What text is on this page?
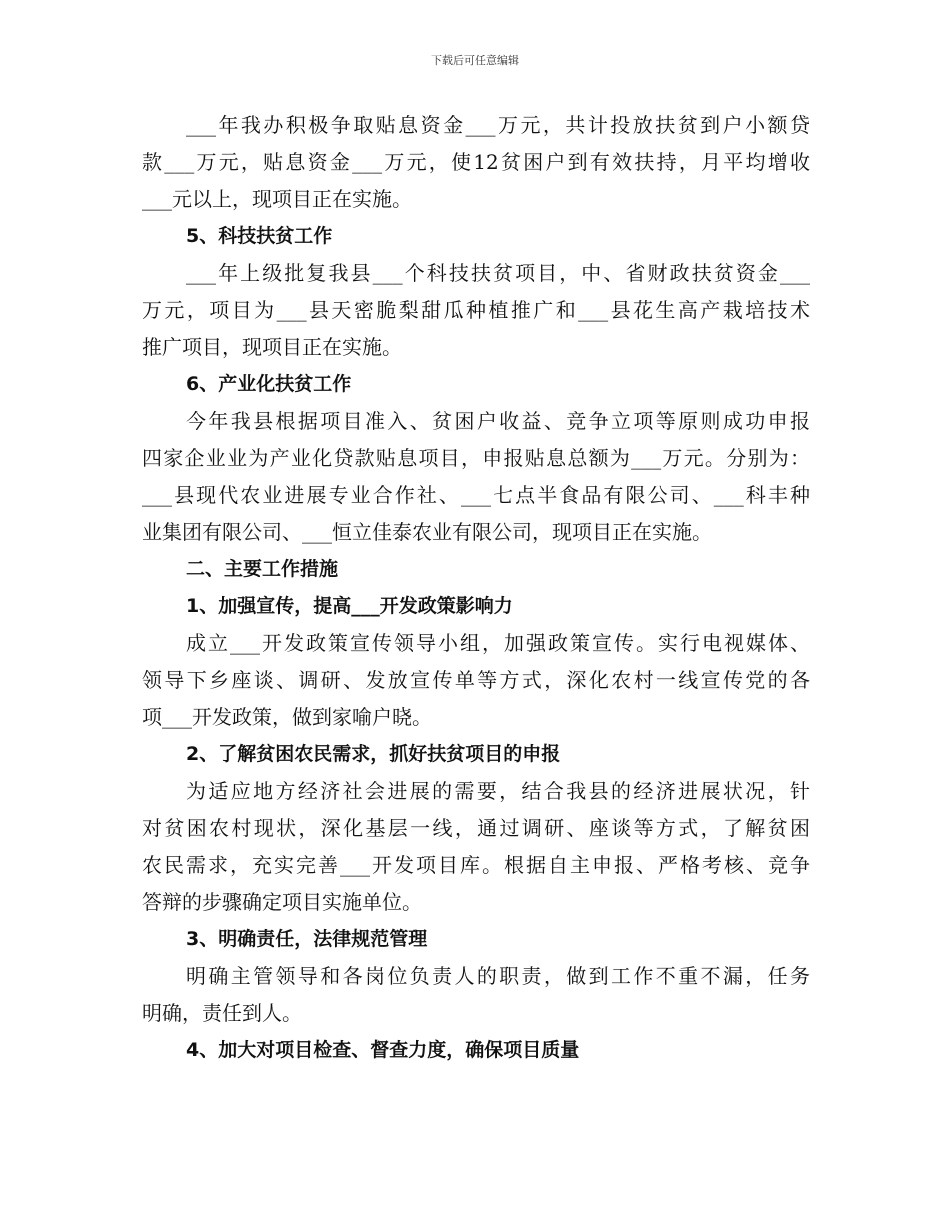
下载后可任意编辑
___年我办积极争取贴息资金___万元，共计投放扶贫到户小额贷
款___万元，贴息资金___万元，使12贫困户到有效扶持，月平均增收
___元以上，现项目正在实施。
5、科技扶贫工作
___年上级批复我县___个科技扶贫项目，中、省财政扶贫资金___
万元，项目为___县天密脆梨甜瓜种植推广和___县花生高产栽培技术
推广项目，现项目正在实施。
6、产业化扶贫工作
今年我县根据项目准入、贫困户收益、竞争立项等原则成功申报
四家企业业为产业化贷款贴息项目，申报贴息总额为___万元。分别为：
___县现代农业进展专业合作社、___七点半食品有限公司、___科丰种
业集团有限公司、___恒立佳泰农业有限公司，现项目正在实施。
二、主要工作措施
1、加强宣传，提高___开发政策影响力
成立___开发政策宣传领导小组，加强政策宣传。实行电视媒体、
领导下乡座谈、调研、发放宣传单等方式，深化农村一线宣传党的各
项___开发政策，做到家喻户晓。
2、了解贫困农民需求，抓好扶贫项目的申报
为适应地方经济社会进展的需要，结合我县的经济进展状况，针
对贫困农村现状，深化基层一线，通过调研、座谈等方式，了解贫困
农民需求，充实完善___开发项目库。根据自主申报、严格考核、竞争
答辩的步骤确定项目实施单位。
3、明确责任，法律规范管理
明确主管领导和各岗位负责人的职责，做到工作不重不漏，任务
明确，责任到人。
4、加大对项目检查、督查力度，确保项目质量
